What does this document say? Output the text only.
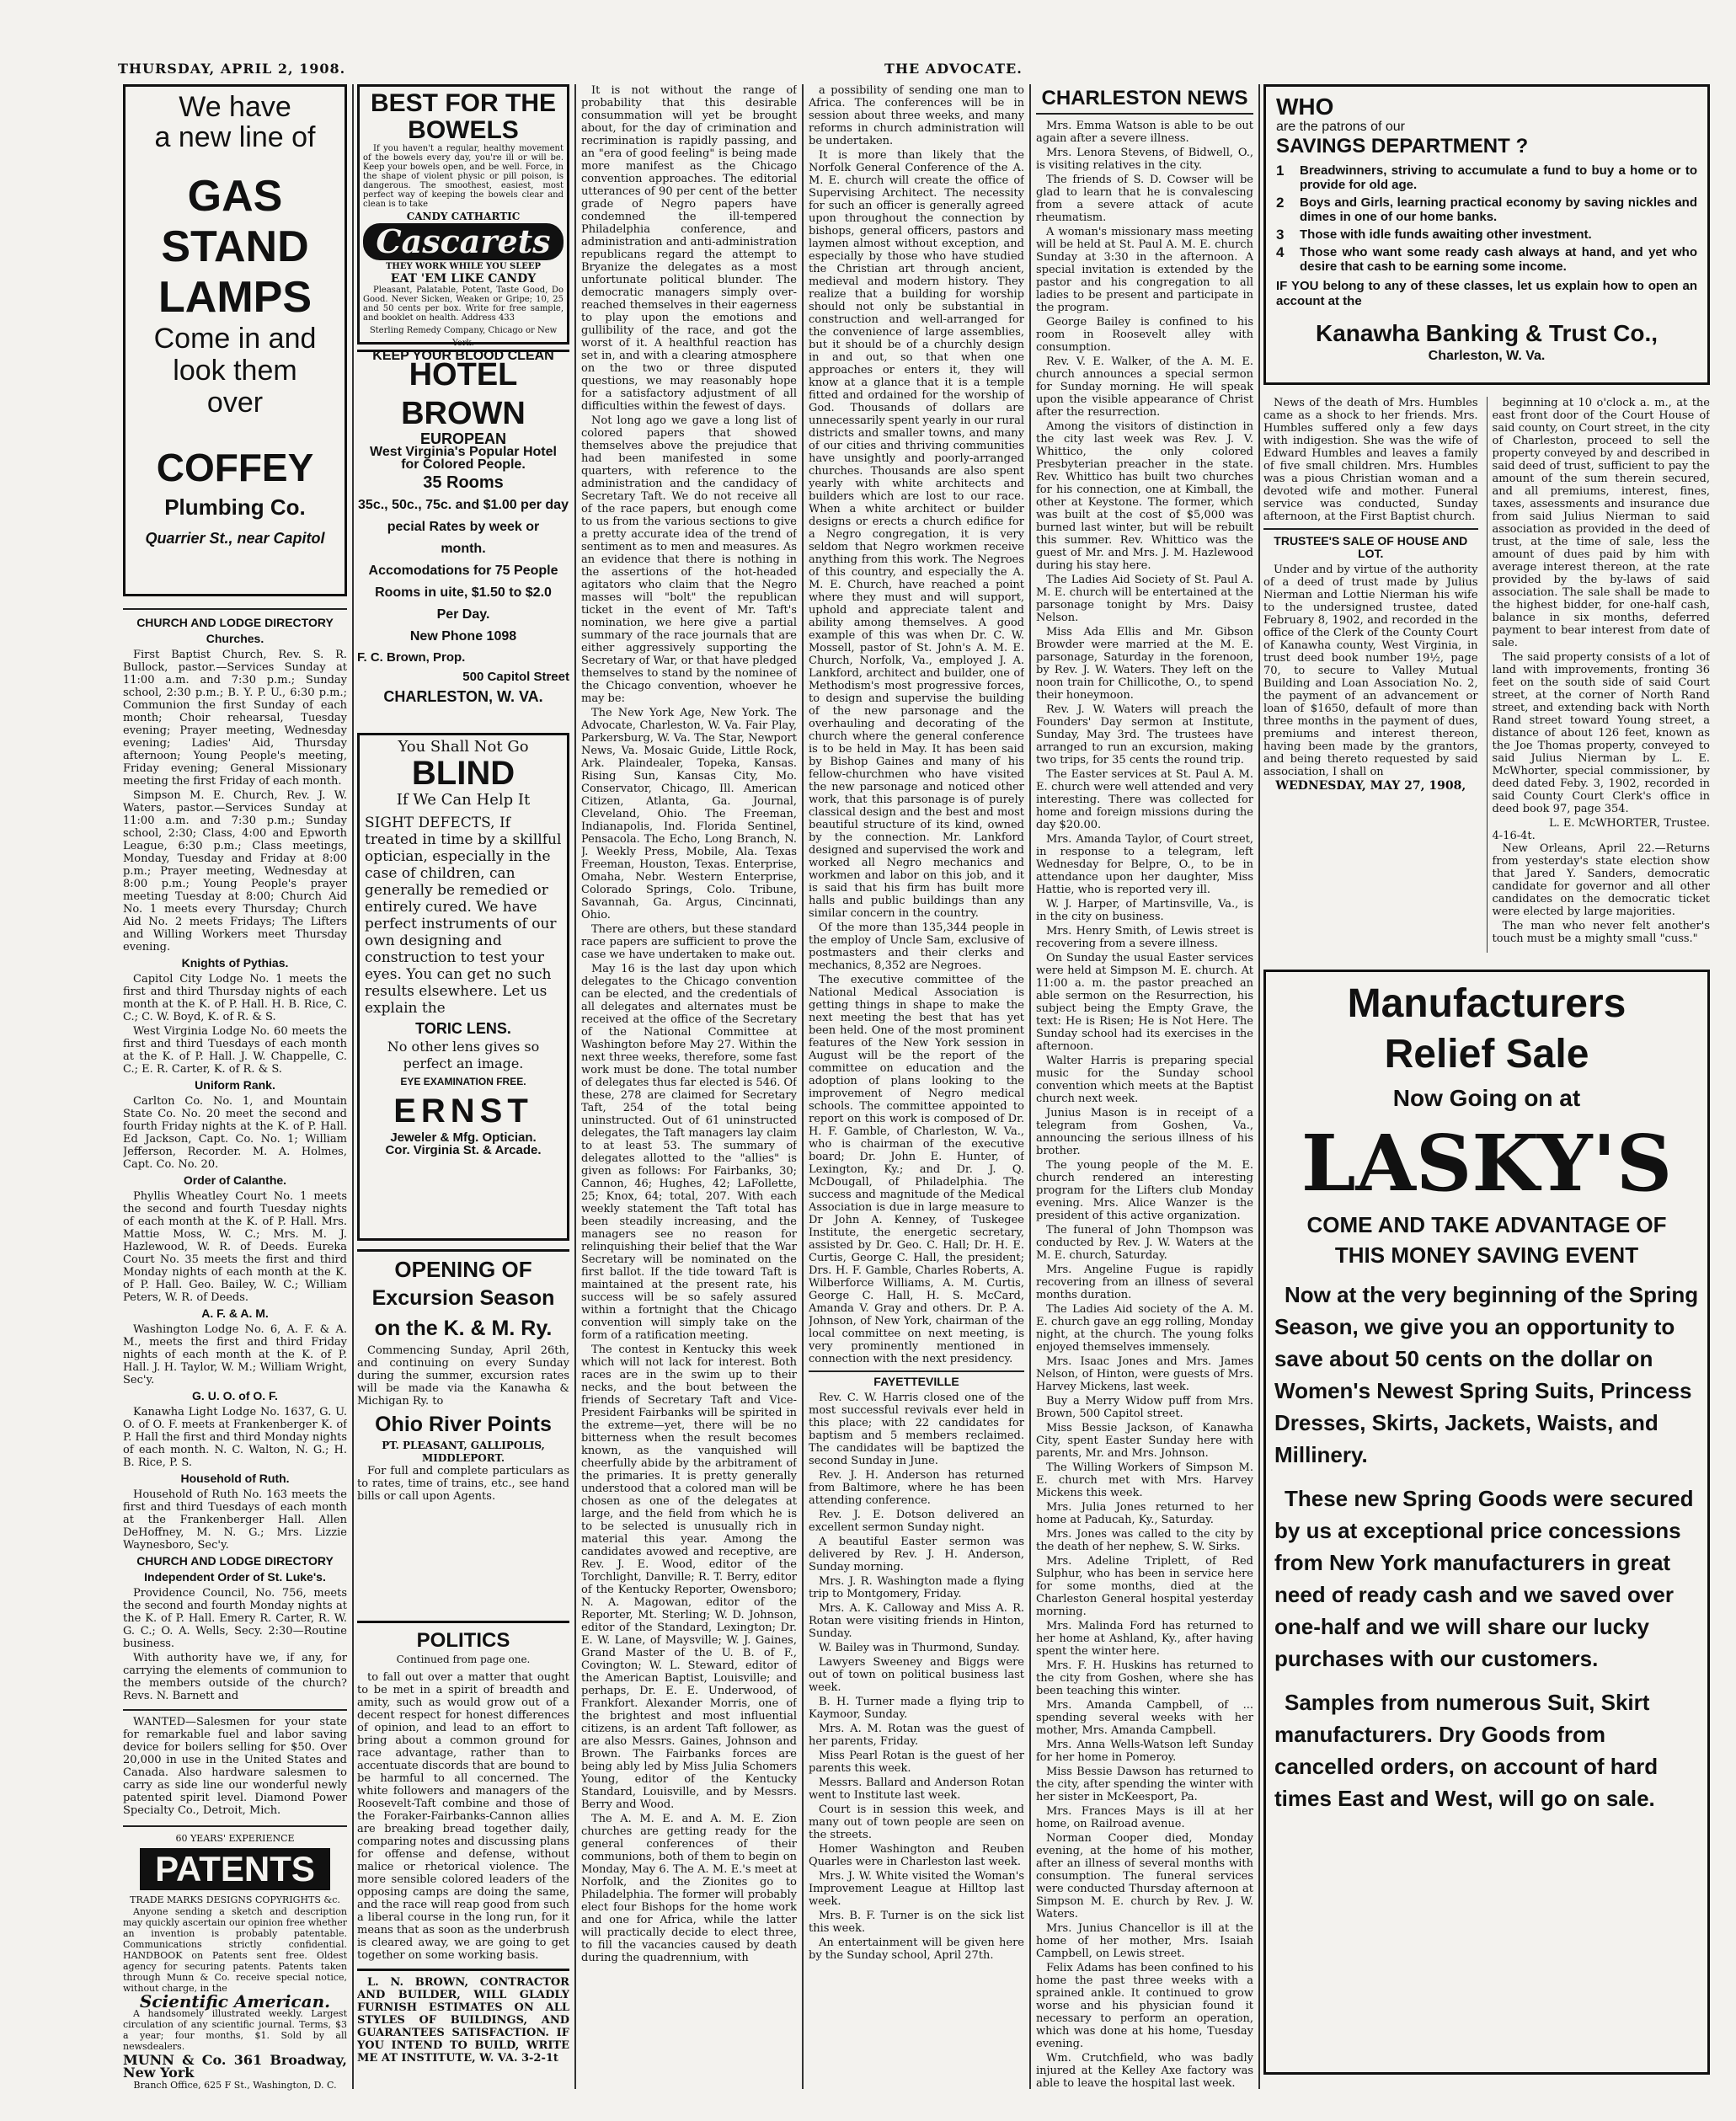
THURSDAY, APRIL 2, 1908.	THE ADVOCATE.
We have
a new line of
GAS
STAND
LAMPS
Come in and
look them
over
COFFEY
Plumbing Co.
Quarrier St., near Capitol
CHURCH AND LODGE DIRECTORY
Churches.

First Baptist Church, Rev. S. R. Bullock, pastor.—Services Sunday at 11:00 a.m. and 7:30 p.m.; Sunday school, 2:30 p.m.; B. Y. P. U., 6:30 p.m.; Communion the first Sunday of each month; Choir rehearsal, Tuesday evening; Prayer meeting, Wednesday evening; Ladies' Aid, Thursday afternoon; Young People's meeting, Friday evening; General Missionary meeting the first Friday of each month.

Simpson M. E. Church, Rev. J. W. Waters, pastor.—Services Sunday at 11:00 a.m. and 7:30 p.m.; Sunday school, 2:30; Class, 4:00 and Epworth League, 6:30 p.m.; Class meetings, Monday, Tuesday and Friday at 8:00 p.m.; Prayer meeting, Wednesday at 8:00 p.m.; Young People's prayer meeting Tuesday at 8:00; Church Aid No. 1 meets every Thursday; Church Aid No. 2 meets Fridays; The Lifters and Willing Workers meet Thursday evening.

Knights of Pythias.

Capitol City Lodge No. 1 meets the first and third Thursday nights of each month at the K. of P. Hall. H. B. Rice, C. C.; C. W. Boyd, K. of R. & S.

West Virginia Lodge No. 60 meets the first and third Tuesdays of each month at the K. of P. Hall. J. W. Chappelle, C. C.; E. R. Carter, K. of R. & S.

Uniform Rank.

Carlton Co. No. 1, and Mountain State Co. No. 20 meet the second and fourth Friday nights at the K. of P. Hall. Ed Jackson, Capt. Co. No. 1; William Jefferson, Recorder. M. A. Holmes, Capt. Co. No. 20.

Order of Calanthe.

Phyllis Wheatley Court No. 1 meets the second and fourth Tuesday nights of each month at the K. of P. Hall. Mrs. Mattie Moss, W. C.; Mrs. M. J. Hazlewood, W. R. of Deeds. Eureka Court No. 35 meets the first and third Monday nights of each month at the K. of P. Hall. Geo. Bailey, W. C.; William Peters, W. R. of Deeds.

A. F. & A. M.

Washington Lodge No. 6, A. F. & A. M., meets the first and third Friday nights of each month at the K. of P. Hall. J. H. Taylor, W. M.; William Wright, Sec'y.

G. U. O. of O. F.

Kanawha Light Lodge No. 1637, G. U. O. of O. F. meets at Frankenberger K. of P. Hall the first and third Monday nights of each month. N. C. Walton, N. G.; H. B. Rice, P. S.

Household of Ruth.

Household of Ruth No. 163 meets the first and third Tuesdays of each month at the Frankenberger Hall. Allen DeHoffney, M. N. G.; Mrs. Lizzie Waynesboro, Sec'y.

CHURCH AND LODGE DIRECTORY
Independent Order of St. Luke's.

Providence Council, No. 756, meets the second and fourth Monday nights at the K. of P. Hall. Emery R. Carter, R. W. G. C.; O. A. Wells, Secy. 2:30—Routine business.

With authority have we, if any, for carrying the elements of communion to the members outside of the church? Revs. N. Barnett and

WANTED—Salesmen for your state for remarkable fuel and labor saving device for boilers selling for $50. Over 20,000 in use in the United States and Canada. Also hardware salesmen to carry as side line our wonderful newly patented spirit level. Diamond Power Specialty Co., Detroit, Mich.

60 YEARS' EXPERIENCE
PATENTS
TRADE MARKS DESIGNS COPYRIGHTS &c.

Anyone sending a sketch and description may quickly ascertain our opinion free whether an invention is probably patentable. Communications strictly confidential. HANDBOOK on Patents sent free. Oldest agency for securing patents. Patents taken through Munn & Co. receive special notice, without charge, in the

Scientific American.

A handsomely illustrated weekly. Largest circulation of any scientific journal. Terms, $3 a year; four months, $1. Sold by all newsdealers.

MUNN & Co. 361 Broadway, New York
Branch Office, 625 F St., Washington, D. C.
BEST FOR THE
BOWELS

If you haven't a regular, healthy movement of the bowels every day, you're ill or will be. Keep your bowels open, and be well. Force, in the shape of violent physic or pill poison, is dangerous. The smoothest, easiest, most perfect way of keeping the bowels clear and clean is to take

CANDY CATHARTIC
Cascarets
THEY WORK WHILE YOU SLEEP
EAT 'EM LIKE CANDY

Pleasant, Palatable, Potent, Taste Good, Do Good. Never Sicken, Weaken or Gripe; 10, 25 and 50 cents per box. Write for free sample, and booklet on health. Address 433

Sterling Remedy Company, Chicago or New York.
KEEP YOUR BLOOD CLEAN
HOTEL BROWN
EUROPEAN
West Virginia's Popular Hotel
for Colored People.
35 Rooms
35c., 50c., 75c. and $1.00 per day
pecial Rates by week or
month.
Accomodations for 75 People
Rooms in uite, $1.50 to $2.0
Per Day.
New Phone 1098
F. C. Brown, Prop.
500 Capitol Street
CHARLESTON, W. VA.
You Shall Not Go
BLIND
If We Can Help It

SIGHT DEFECTS, If treated in time by a skillful optician, especially in the case of children, can generally be remedied or entirely cured. We have perfect instruments of our own designing and construction to test your eyes. You can get no such results elsewhere. Let us explain the

TORIC LENS.
No other lens gives so perfect an image.
EYE EXAMINATION FREE.
ERNST
Jeweler & Mfg. Optician.
Cor. Virginia St. & Arcade.
OPENING OF
Excursion Season
on the K. & M. Ry.

Commencing Sunday, April 26th, and continuing on every Sunday during the summer, excursion rates will be made via the Kanawha & Michigan Ry. to

Ohio River Points
PT. PLEASANT, GALLIPOLIS, MIDDLEPORT.

For full and complete particulars as to rates, time of trains, etc., see hand bills or call upon Agents.

POLITICS
Continued from page one.

to fall out over a matter that ought to be met in a spirit of breadth and amity, such as would grow out of a decent respect for honest differences of opinion, and lead to an effort to bring about a common ground for race advantage, rather than to accentuate discords that are bound to be harmful to all concerned. The white followers and managers of the Roosevelt-Taft combine and those of the Foraker-Fairbanks-Cannon allies are breaking bread together daily, comparing notes and discussing plans for offense and defense, without malice or rhetorical violence. The more sensible colored leaders of the opposing camps are doing the same, and the race will reap good from such a liberal course in the long run, for it means that as soon as the underbrush is cleared away, we are going to get together on some working basis.

L. N. BROWN, CONTRACTOR AND BUILDER, WILL GLADLY FURNISH ESTIMATES ON ALL STYLES OF BUILDINGS, AND GUARANTEES SATISFACTION. IF YOU INTEND TO BUILD, WRITE ME AT INSTITUTE, W. VA. 3-2-1t

It is not without the range of probability that this desirable consummation will yet be brought about, for the day of crimination and recrimination is rapidly passing, and an "era of good feeling" is being made more manifest as the Chicago convention approaches. The editorial utterances of 90 per cent of the better grade of Negro papers have condemned the ill-tempered Philadelphia conference, and administration and anti-administration republicans regard the attempt to Bryanize the delegates as a most unfortunate political blunder. The democratic managers simply over-reached themselves in their eagerness to play upon the emotions and gullibility of the race, and got the worst of it. A healthful reaction has set in, and with a clearing atmosphere on the two or three disputed questions, we may reasonably hope for a satisfactory adjustment of all difficulties within the fewest of days.

Not long ago we gave a long list of colored papers that showed themselves above the prejudice that had been manifested in some quarters, with reference to the administration and the candidacy of Secretary Taft. We do not receive all of the race papers, but enough come to us from the various sections to give a pretty accurate idea of the trend of sentiment as to men and measures. As an evidence that there is nothing in the assertions of the hot-headed agitators who claim that the Negro masses will "bolt" the republican ticket in the event of Mr. Taft's nomination, we here give a partial summary of the race journals that are either aggressively supporting the Secretary of War, or that have pledged themselves to stand by the nominee of the Chicago convention, whoever he may be:

The New York Age, New York. The Advocate, Charleston, W. Va. Fair Play, Parkersburg, W. Va. The Star, Newport News, Va. Mosaic Guide, Little Rock, Ark. Plaindealer, Topeka, Kansas. Rising Sun, Kansas City, Mo. Conservator, Chicago, Ill. American Citizen, Atlanta, Ga. Journal, Cleveland, Ohio. The Freeman, Indianapolis, Ind. Florida Sentinel, Pensacola. The Echo, Long Branch, N. J. Weekly Press, Mobile, Ala. Texas Freeman, Houston, Texas. Enterprise, Omaha, Nebr. Western Enterprise, Colorado Springs, Colo. Tribune, Savannah, Ga. Argus, Cincinnati, Ohio.

There are others, but these standard race papers are sufficient to prove the case we have undertaken to make out.

May 16 is the last day upon which delegates to the Chicago convention can be elected, and the credentials of all delegates and alternates must be received at the office of the Secretary of the National Committee at Washington before May 27. Within the next three weeks, therefore, some fast work must be done. The total number of delegates thus far elected is 546. Of these, 278 are claimed for Secretary Taft, 254 of the total being uninstructed. Out of 61 uninstructed delegates, the Taft managers lay claim to at least 53. The summary of delegates allotted to the "allies" is given as follows: For Fairbanks, 30; Cannon, 46; Hughes, 42; LaFollette, 25; Knox, 64; total, 207. With each weekly statement the Taft total has been steadily increasing, and the managers see no reason for relinquishing their belief that the War Secretary will be nominated on the first ballot. If the tide toward Taft is maintained at the present rate, his success will be so safely assured within a fortnight that the Chicago convention will simply take on the form of a ratification meeting.

The contest in Kentucky this week which will not lack for interest. Both races are in the swim up to their necks, and the bout between the friends of Secretary Taft and Vice-President Fairbanks will be spirited in the extreme—yet, there will be no bitterness when the result becomes known, as the vanquished will cheerfully abide by the arbitrament of the primaries. It is pretty generally understood that a colored man will be chosen as one of the delegates at large, and the field from which he is to be selected is unusually rich in material this year. Among the candidates avowed and receptive, are Rev. J. E. Wood, editor of the Torchlight, Danville; R. T. Berry, editor of the Kentucky Reporter, Owensboro; N. A. Magowan, editor of the Reporter, Mt. Sterling; W. D. Johnson, editor of the Standard, Lexington; Dr. E. W. Lane, of Maysville; W. J. Gaines, Grand Master of the U. B. of F., Covington; W. L. Steward, editor of the American Baptist, Louisville; and perhaps, Dr. E. E. Underwood, of Frankfort. Alexander Morris, one of the brightest and most influential citizens, is an ardent Taft follower, as are also Messrs. Gaines, Johnson and Brown. The Fairbanks forces are being ably led by Miss Julia Schomers Young, editor of the Kentucky Standard, Louisville, and by Messrs. Berry and Wood.

The A. M. E. and A. M. E. Zion churches are getting ready for the general conferences of their communions, both of them to begin on Monday, May 6. The A. M. E.'s meet at Norfolk, and the Zionites go to Philadelphia. The former will probably elect four Bishops for the home work and one for Africa, while the latter will practically decide to elect three, to fill the vacancies caused by death during the quadrennium, with

a possibility of sending one man to Africa. The conferences will be in session about three weeks, and many reforms in church administration will be undertaken.

It is more than likely that the Norfolk General Conference of the A. M. E. church will create the office of Supervising Architect. The necessity for such an officer is generally agreed upon throughout the connection by bishops, general officers, pastors and laymen almost without exception, and especially by those who have studied the Christian art through ancient, medieval and modern history. They realize that a building for worship should not only be substantial in construction and well-arranged for the convenience of large assemblies, but it should be of a churchly design in and out, so that when one approaches or enters it, they will know at a glance that it is a temple fitted and ordained for the worship of God. Thousands of dollars are unnecessarily spent yearly in our rural districts and smaller towns, and many of our cities and thriving communities have unsightly and poorly-arranged churches. Thousands are also spent yearly with white architects and builders which are lost to our race. When a white architect or builder designs or erects a church edifice for a Negro congregation, it is very seldom that Negro workmen receive anything from this work. The Negroes of this country, and especially the A. M. E. Church, have reached a point where they must and will support, uphold and appreciate talent and ability among themselves. A good example of this was when Dr. C. W. Mossell, pastor of St. John's A. M. E. Church, Norfolk, Va., employed J. A. Lankford, architect and builder, one of Methodism's most progressive forces, to design and supervise the building of the new parsonage and the overhauling and decorating of the church where the general conference is to be held in May. It has been said by Bishop Gaines and many of his fellow-churchmen who have visited the new parsonage and noticed other work, that this parsonage is of purely classical design and the best and most beautiful structure of its kind, owned by the connection. Mr. Lankford designed and supervised the work and worked all Negro mechanics and workmen and labor on this job, and it is said that his firm has built more halls and public buildings than any similar concern in the country.

Of the more than 135,344 people in the employ of Uncle Sam, exclusive of postmasters and their clerks and mechanics, 8,352 are Negroes.

The executive committee of the National Medical Association is getting things in shape to make the next meeting the best that has yet been held. One of the most prominent features of the New York session in August will be the report of the committee on education and the adoption of plans looking to the improvement of Negro medical schools. The committee appointed to report on this work is composed of Dr. H. F. Gamble, of Charleston, W. Va., who is chairman of the executive board; Dr. John E. Hunter, of Lexington, Ky.; and Dr. J. Q. McDougall, of Philadelphia. The success and magnitude of the Medical Association is due in large measure to Dr John A. Kenney, of Tuskegee Institute, the energetic secretary, assisted by Dr. Geo. C. Hall; Dr. H. E. Curtis, George C. Hall, the president; Drs. H. F. Gamble, Charles Roberts, A. Wilberforce Williams, A. M. Curtis, George C. Hall, H. S. McCard, Amanda V. Gray and others. Dr. P. A. Johnson, of New York, chairman of the local committee on next meeting, is very prominently mentioned in connection with the next presidency.

FAYETTEVILLE

Rev. C. W. Harris closed one of the most successful revivals ever held in this place; with 22 candidates for baptism and 5 members reclaimed. The candidates will be baptized the second Sunday in June.

Rev. J. H. Anderson has returned from Baltimore, where he has been attending conference.

Rev. J. E. Dotson delivered an excellent sermon Sunday night.

A beautiful Easter sermon was delivered by Rev. J. H. Anderson, Sunday morning.

Mrs. J. R. Washington made a flying trip to Montgomery, Friday.

Mrs. A. K. Calloway and Miss A. R. Rotan were visiting friends in Hinton, Sunday.

W. Bailey was in Thurmond, Sunday.

Lawyers Sweeney and Biggs were out of town on political business last week.

B. H. Turner made a flying trip to Kaymoor, Sunday.

Mrs. A. M. Rotan was the guest of her parents, Friday.

Miss Pearl Rotan is the guest of her parents this week.

Messrs. Ballard and Anderson Rotan went to Institute last week.

Court is in session this week, and many out of town people are seen on the streets.

Homer Washington and Reuben Quarles were in Charleston last week.

Mrs. J. W. White visited the Woman's Improvement League at Hilltop last week.

Mrs. B. F. Turner is on the sick list this week.

An entertainment will be given here by the Sunday school, April 27th.

CHARLESTON NEWS

Mrs. Emma Watson is able to be out again after a severe illness.

Mrs. Lenora Stevens, of Bidwell, O., is visiting relatives in the city.

The friends of S. D. Cowser will be glad to learn that he is convalescing from a severe attack of acute rheumatism.

A woman's missionary mass meeting will be held at St. Paul A. M. E. church Sunday at 3:30 in the afternoon. A special invitation is extended by the pastor and his congregation to all ladies to be present and participate in the program.

George Bailey is confined to his room in Roosevelt alley with consumption.

Rev. V. E. Walker, of the A. M. E. church announces a special sermon for Sunday morning. He will speak upon the visible appearance of Christ after the resurrection.

Among the visitors of distinction in the city last week was Rev. J. V. Whittico, the only colored Presbyterian preacher in the state. Rev. Whittico has built two churches for his connection, one at Kimball, the other at Keystone. The former, which was built at the cost of $5,000 was burned last winter, but will be rebuilt this summer. Rev. Whittico was the guest of Mr. and Mrs. J. M. Hazlewood during his stay here.

The Ladies Aid Society of St. Paul A. M. E. church will be entertained at the parsonage tonight by Mrs. Daisy Nelson.

Miss Ada Ellis and Mr. Gibson Browder were married at the M. E. parsonage, Saturday in the forenoon, by Rev. J. W. Waters. They left on the noon train for Chillicothe, O., to spend their honeymoon.

Rev. J. W. Waters will preach the Founders' Day sermon at Institute, Sunday, May 3rd. The trustees have arranged to run an excursion, making two trips, for 35 cents the round trip.

The Easter services at St. Paul A. M. E. church were well attended and very interesting. There was collected for home and foreign missions during the day $20.00.

Mrs. Amanda Taylor, of Court street, in response to a telegram, left Wednesday for Belpre, O., to be in attendance upon her daughter, Miss Hattie, who is reported very ill.

W. J. Harper, of Martinsville, Va., is in the city on business.

Mrs. Henry Smith, of Lewis street is recovering from a severe illness.

On Sunday the usual Easter services were held at Simpson M. E. church. At 11:00 a. m. the pastor preached an able sermon on the Resurrection, his subject being the Empty Grave, the text: He is Risen; He is Not Here. The Sunday school had its exercises in the afternoon.

Walter Harris is preparing special music for the Sunday school convention which meets at the Baptist church next week.

Junius Mason is in receipt of a telegram from Goshen, Va., announcing the serious illness of his brother.

The young people of the M. E. church rendered an interesting program for the Lifters club Monday evening. Mrs. Alice Wanzer is the president of this active organization.

The funeral of John Thompson was conducted by Rev. J. W. Waters at the M. E. church, Saturday.

Mrs. Angeline Fugue is rapidly recovering from an illness of several months duration.

The Ladies Aid society of the A. M. E. church gave an egg rolling, Monday night, at the church. The young folks enjoyed themselves immensely.

Mrs. Isaac Jones and Mrs. James Nelson, of Hinton, were guests of Mrs. Harvey Mickens, last week.

Buy a Merry Widow puff from Mrs. Brown, 500 Capitol street.

Miss Bessie Jackson, of Kanawha City, spent Easter Sunday here with parents, Mr. and Mrs. Johnson.

The Willing Workers of Simpson M. E. church met with Mrs. Harvey Mickens this week.

Mrs. Julia Jones returned to her home at Paducah, Ky., Saturday.

Mrs. Jones was called to the city by the death of her nephew, S. W. Sirks.

Mrs. Adeline Triplett, of Red Sulphur, who has been in service here for some months, died at the Charleston General hospital yesterday morning.

Mrs. Malinda Ford has returned to her home at Ashland, Ky., after having spent the winter here.

Mrs. F. H. Huskins has returned to the city from Goshen, where she has been teaching this winter.

Mrs. Amanda Campbell, of ... spending several weeks with her mother, Mrs. Amanda Campbell.

Mrs. Anna Wells-Watson left Sunday for her home in Pomeroy.

Miss Bessie Dawson has returned to the city, after spending the winter with her sister in McKeesport, Pa.

Mrs. Frances Mays is ill at her home, on Railroad avenue.

Norman Cooper died, Monday evening, at the home of his mother, after an illness of several months with consumption. The funeral services were conducted Thursday afternoon at Simpson M. E. church by Rev. J. W. Waters.

Mrs. Junius Chancellor is ill at the home of her mother, Mrs. Isaiah Campbell, on Lewis street.

Felix Adams has been confined to his home the past three weeks with a sprained ankle. It continued to grow worse and his physician found it necessary to perform an operation, which was done at his home, Tuesday evening.

Wm. Crutchfield, who was badly injured at the Kelley Axe factory was able to leave the hospital last week.

WHO
are the patrons of our
SAVINGS DEPARTMENT ?
1	Breadwinners, striving to accumulate a fund to buy a home or to provide for old age.
2	Boys and Girls, learning practical economy by saving nickles and dimes in one of our home banks.
3	Those with idle funds awaiting other investment.
4	Those who want some ready cash always at hand, and yet who desire that cash to be earning some income.
IF YOU belong to any of these classes, let us explain how to open an account at the
Kanawha Banking & Trust Co.,
Charleston, W. Va.

News of the death of Mrs. Humbles came as a shock to her friends. Mrs. Humbles suffered only a few days with indigestion. She was the wife of Edward Humbles and leaves a family of five small children. Mrs. Humbles was a pious Christian woman and a devoted wife and mother. Funeral service was conducted, Sunday afternoon, at the First Baptist church.

TRUSTEE'S SALE OF HOUSE AND LOT.

Under and by virtue of the authority of a deed of trust made by Julius Nierman and Lottie Nierman his wife to the undersigned trustee, dated February 8, 1902, and recorded in the office of the Clerk of the County Court of Kanawha county, West Virginia, in trust deed book number 19½, page 70, to secure to Valley Mutual Building and Loan Association No. 2, the payment of an advancement or loan of $1650, default of more than three months in the payment of dues, premiums and interest thereon, having been made by the grantors, and being thereto requested by said association, I shall on

WEDNESDAY, MAY 27, 1908,

beginning at 10 o'clock a. m., at the east front door of the Court House of said county, on Court street, in the city of Charleston, proceed to sell the property conveyed by and described in said deed of trust, sufficient to pay the amount of the sum therein secured, and all premiums, interest, fines, taxes, assessments and insurance due from said Julius Nierman to said association as provided in the deed of trust, at the time of sale, less the amount of dues paid by him with average interest thereon, at the rate provided by the by-laws of said association. The sale shall be made to the highest bidder, for one-half cash, balance in six months, deferred payment to bear interest from date of sale.

The said property consists of a lot of land with improvements, fronting 36 feet on the south side of said Court street, at the corner of North Rand street, and extending back with North Rand street toward Young street, a distance of about 126 feet, known as the Joe Thomas property, conveyed to said Julius Nierman by L. E. McWhorter, special commissioner, by deed dated Feby. 3, 1902, recorded in said County Court Clerk's office in deed book 97, page 354.

L. E. McWHORTER, Trustee.
4-16-4t.

New Orleans, April 22.—Returns from yesterday's state election show that Jared Y. Sanders, democratic candidate for governor and all other candidates on the democratic ticket were elected by large majorities.

The man who never felt another's touch must be a mighty small "cuss."

Manufacturers
Relief Sale
Now Going on at
LASKY'S
COME AND TAKE ADVANTAGE OF
THIS MONEY SAVING EVENT

Now at the very beginning of the Spring Season, we give you an opportunity to save about 50 cents on the dollar on Women's Newest Spring Suits, Princess Dresses, Skirts, Jackets, Waists, and Millinery.

These new Spring Goods were secured by us at exceptional price concessions from New York manufacturers in great need of ready cash and we saved over one-half and we will share our lucky purchases with our customers.

Samples from numerous Suit, Skirt manufacturers. Dry Goods from cancelled orders, on account of hard times East and West, will go on sale.
